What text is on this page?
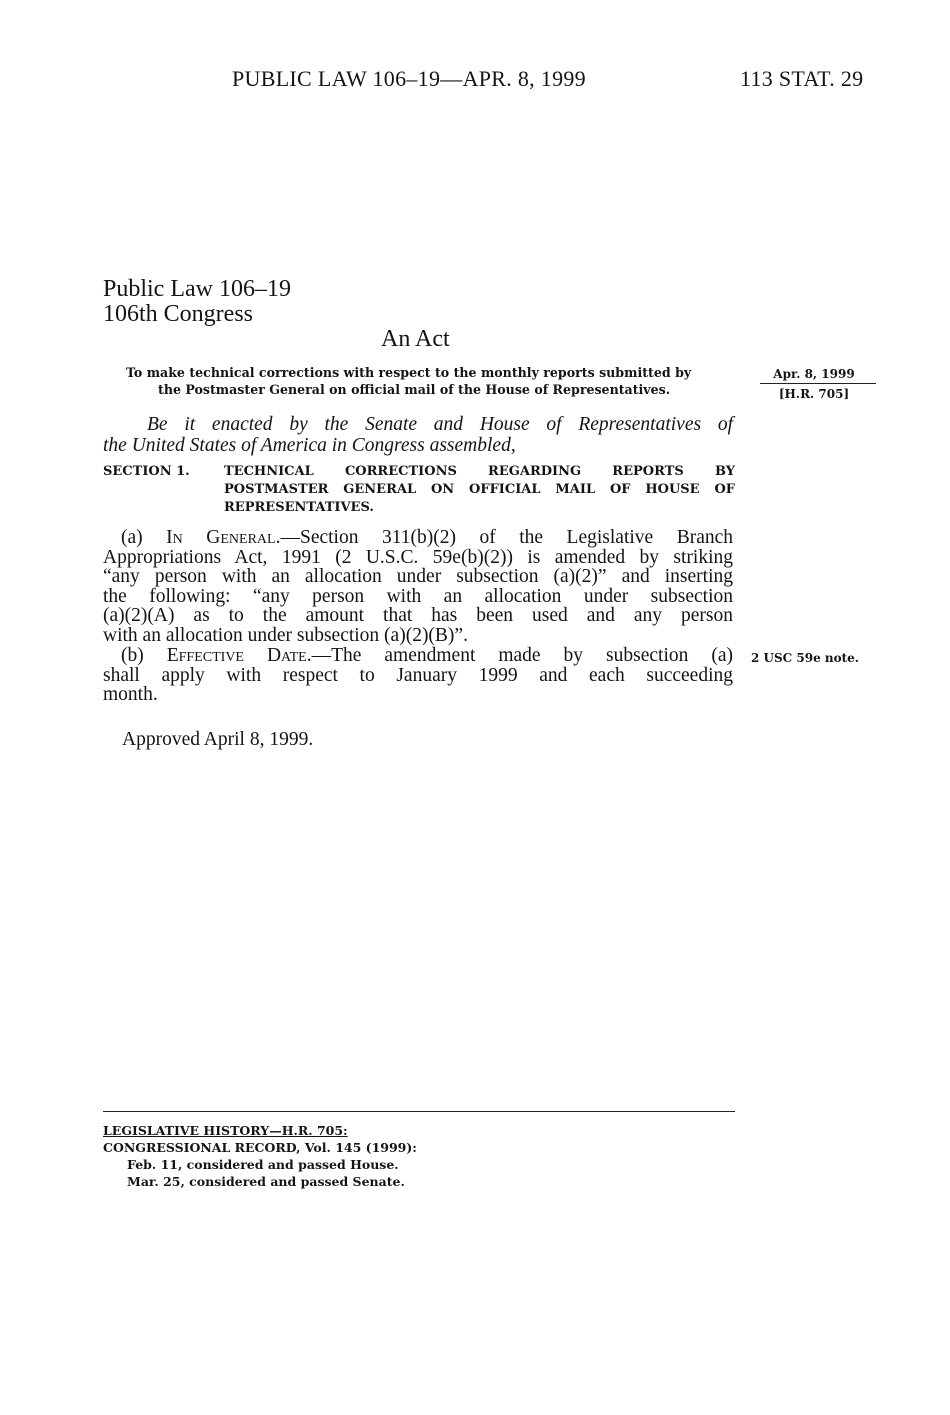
PUBLIC LAW 106–19—APR. 8, 1999	113 STAT. 29
Public Law 106–19
106th Congress
An Act
To make technical corrections with respect to the monthly reports submitted by
the Postmaster General on official mail of the House of Representatives.
Apr. 8, 1999
[H.R. 705]
Be it enacted by the Senate and House of Representatives of
the United States of America in Congress assembled,
SECTION 1.	TECHNICAL CORRECTIONS REGARDING REPORTS BY POSTMASTER GENERAL ON OFFICIAL MAIL OF HOUSE OF REPRESENTATIVES.
(a) In General.—Section 311(b)(2) of the Legislative Branch
Appropriations Act, 1991 (2 U.S.C. 59e(b)(2)) is amended by striking
“any person with an allocation under subsection (a)(2)” and inserting
the following: “any person with an allocation under subsection
(a)(2)(A) as to the amount that has been used and any person
with an allocation under subsection (a)(2)(B)”.
(b) Effective Date.—The amendment made by subsection (a)
shall apply with respect to January 1999 and each succeeding
month.
2 USC 59e note.
Approved April 8, 1999.
LEGISLATIVE HISTORY—H.R. 705:
CONGRESSIONAL RECORD, Vol. 145 (1999):
Feb. 11, considered and passed House.
Mar. 25, considered and passed Senate.
